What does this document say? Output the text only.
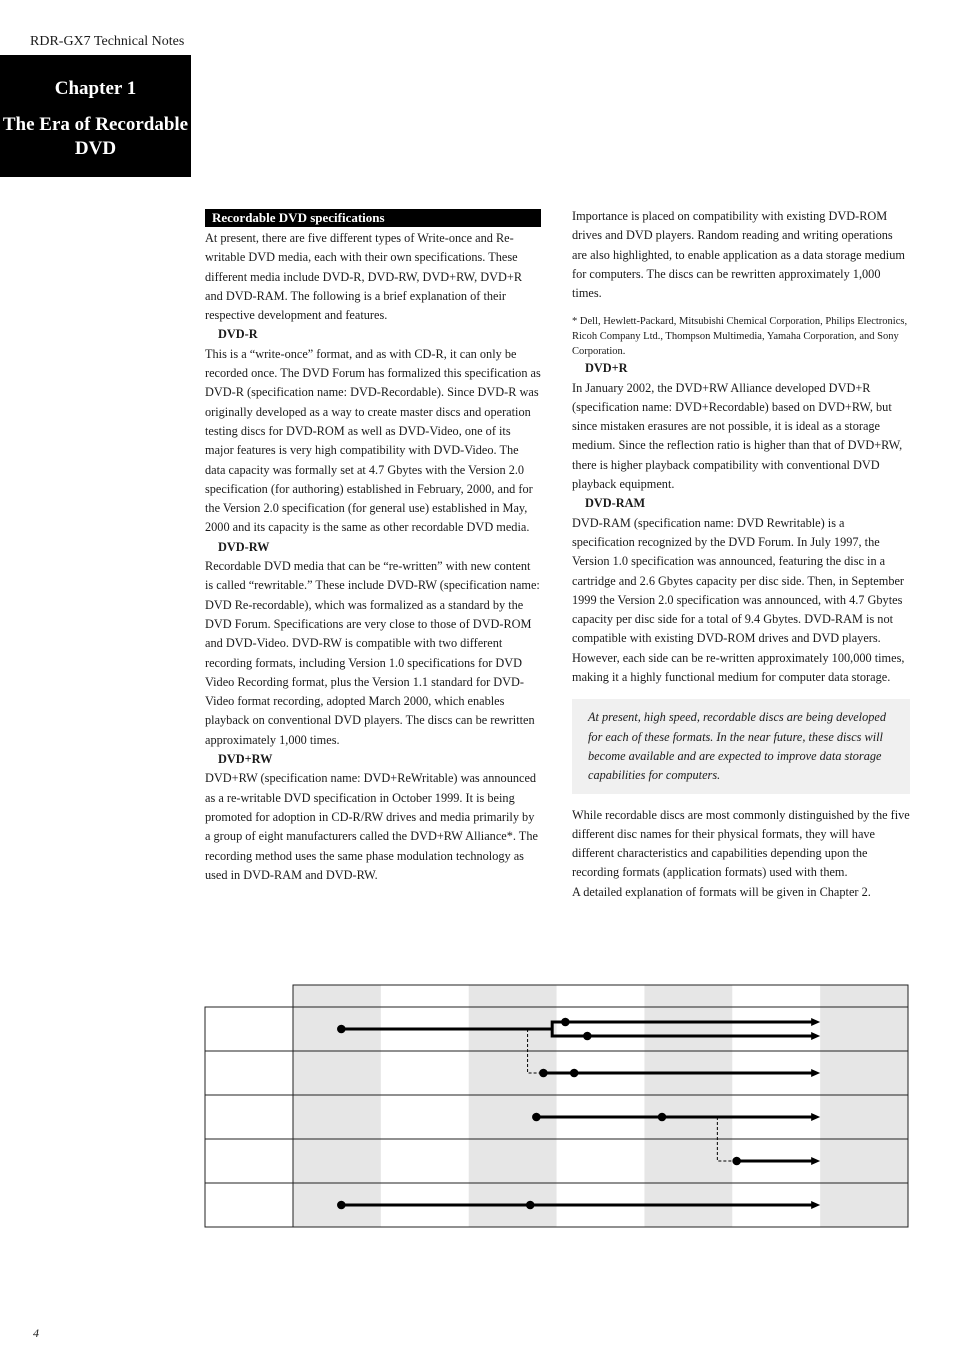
RDR-GX7 Technical Notes
Chapter 1
The Era of Recordable DVD
Recordable DVD specifications

At present, there are five different types of Write-once and Re-writable DVD media, each with their own specifications. These different media include DVD-R, DVD-RW, DVD+RW, DVD+R and DVD-RAM. The following is a brief explanation of their respective development and features.

DVD-R

This is a “write-once” format, and as with CD-R, it can only be recorded once. The DVD Forum has formalized this specification as DVD-R (specification name: DVD-Recordable). Since DVD-R was originally developed as a way to create master discs and operation testing discs for DVD-ROM as well as DVD-Video, one of its major features is very high compatibility with DVD-Video. The data capacity was formally set at 4.7 Gbytes with the Version 2.0 specification (for authoring) established in February, 2000, and for the Version 2.0 specification (for general use) established in May, 2000 and its capacity is the same as other recordable DVD media.

DVD-RW

Recordable DVD media that can be “re-written” with new content is called “rewritable.” These include DVD-RW (specification name: DVD Re-recordable), which was formalized as a standard by the DVD Forum. Specifications are very close to those of DVD-ROM and DVD-Video. DVD-RW is compatible with two different recording formats, including Version 1.0 specifications for DVD Video Recording format, plus the Version 1.1 standard for DVD-Video format recording, adopted March 2000, which enables playback on conventional DVD players. The discs can be rewritten approximately 1,000 times.

DVD+RW

DVD+RW (specification name: DVD+ReWritable) was announced as a re-writable DVD specification in October 1999. It is being promoted for adoption in CD-R/RW drives and media primarily by a group of eight manufacturers called the DVD+RW Alliance*. The recording method uses the same phase modulation technology as used in DVD-RAM and DVD-RW.

Importance is placed on compatibility with existing DVD-ROM drives and DVD players. Random reading and writing operations are also highlighted, to enable application as a data storage medium for computers. The discs can be rewritten approximately 1,000 times.

* Dell, Hewlett-Packard, Mitsubishi Chemical Corporation, Philips Electronics, Ricoh Company Ltd., Thompson Multimedia, Yamaha Corporation, and Sony Corporation.

DVD+R

In January 2002, the DVD+RW Alliance developed DVD+R (specification name: DVD+Recordable) based on DVD+RW, but since mistaken erasures are not possible, it is ideal as a storage medium. Since the reflection ratio is higher than that of DVD+RW, there is higher playback compatibility with conventional DVD playback equipment.

DVD-RAM

DVD-RAM (specification name: DVD Rewritable) is a specification recognized by the DVD Forum. In July 1997, the Version 1.0 specification was announced, featuring the disc in a cartridge and 2.6 Gbytes capacity per disc side. Then, in September 1999 the Version 2.0 specification was announced, with 4.7 Gbytes capacity per disc side for a total of 9.4 Gbytes. DVD-RAM is not compatible with existing DVD-ROM drives and DVD players. However, each side can be re-written approximately 100,000 times, making it a highly functional medium for computer data storage.

At present, high speed, recordable discs are being developed for each of these formats. In the near future, these discs will become available and are expected to improve data storage capabilities for computers.

While recordable discs are most commonly distinguished by the five different disc names for their physical formats, they will have different characteristics and capabilities depending upon the recording formats (application formats) used with them.

A detailed explanation of formats will be given in Chapter 2.

4
